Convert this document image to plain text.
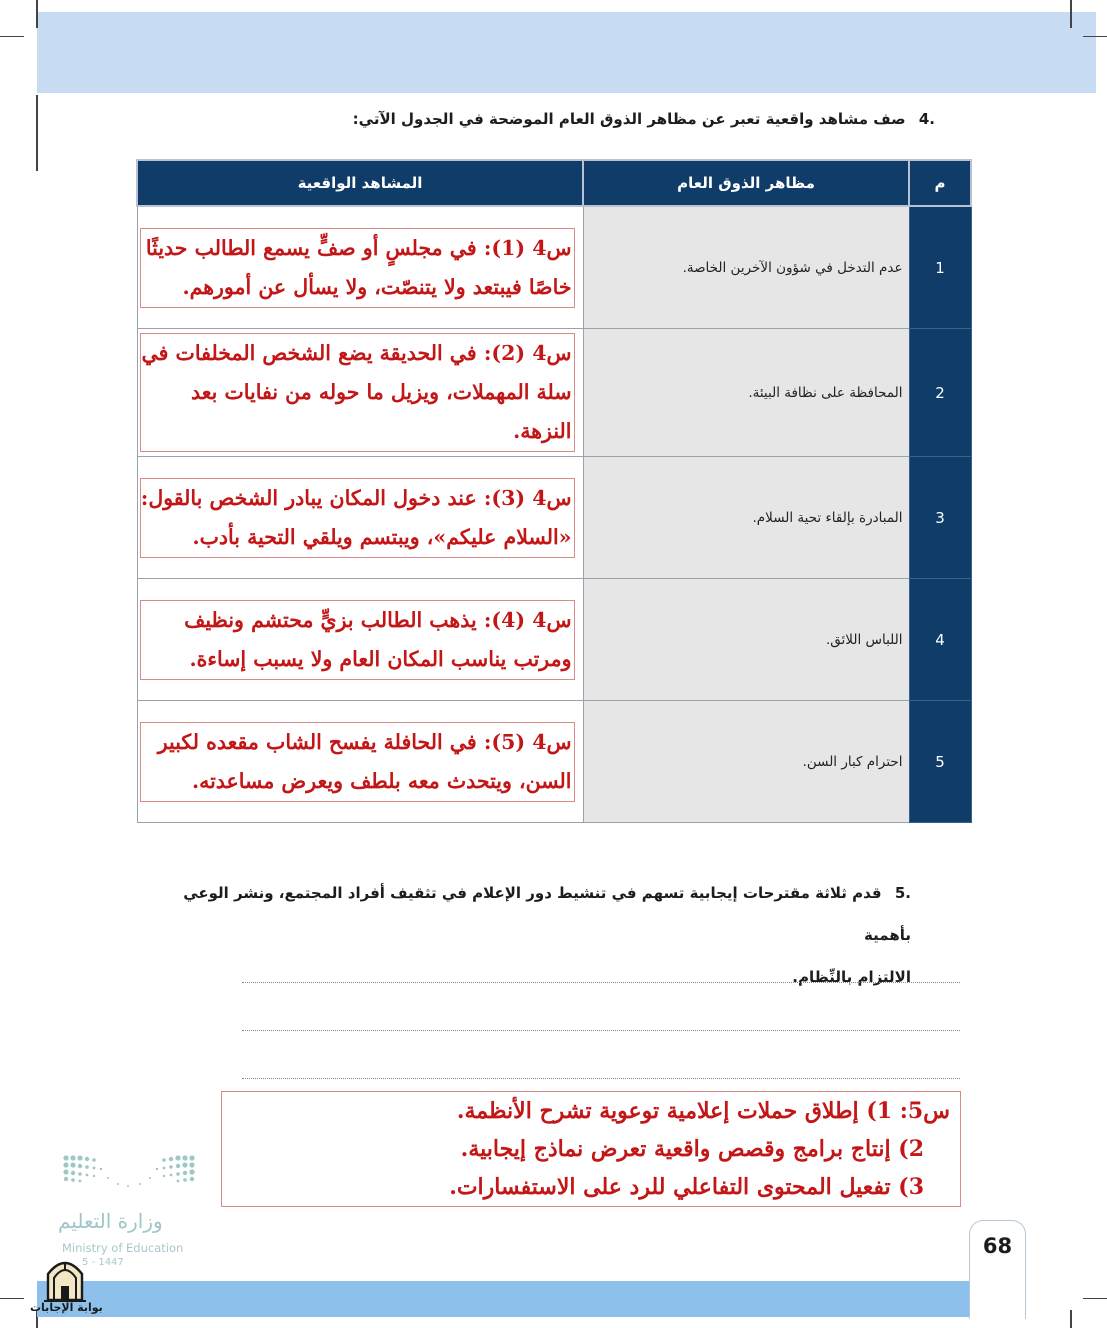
.4 صف مشاهد واقعية تعبر عن مظاهر الذوق العام الموضحة في الجدول الآتي:
م	مظاهر الذوق العام	المشاهد الواقعية
1	عدم التدخل في شؤون الآخرين الخاصة.	س4 (1): في مجلسٍ أو صفٍّ يسمع الطالب حديثًا
خاصًا فيبتعد ولا يتنصّت، ولا يسأل عن أمورهم.

2	المحافظة على نظافة البيئة.	س4 (2): في الحديقة يضع الشخص المخلفات في
سلة المهملات، ويزيل ما حوله من نفايات بعد النزهة.

3	المبادرة بإلقاء تحية السلام.	س4 (3): عند دخول المكان يبادر الشخص بالقول:
«السلام عليكم»، ويبتسم ويلقي التحية بأدب.

4	اللباس اللائق.	س4 (4): يذهب الطالب بزيٍّ محتشم ونظيف
ومرتب يناسب المكان العام ولا يسبب إساءة.

5	احترام كبار السن.	س4 (5): في الحافلة يفسح الشاب مقعده لكبير
السن، ويتحدث معه بلطف ويعرض مساعدته.
.5 قدم ثلاثة مقترحات إيجابية تسهم في تنشيط دور الإعلام في تثقيف أفراد المجتمع، ونشر الوعي بأهمية
الالتزام بالنِّظام.
س5: 1) إطلاق حملات إعلامية توعوية تشرح الأنظمة.
2) إنتاج برامج وقصص واقعية تعرض نماذج إيجابية.
3) تفعيل المحتوى التفاعلي للرد على الاستفسارات.
وزارة التعليم
Ministry of Education
5 - 1447
68
بوابة الإجابات
